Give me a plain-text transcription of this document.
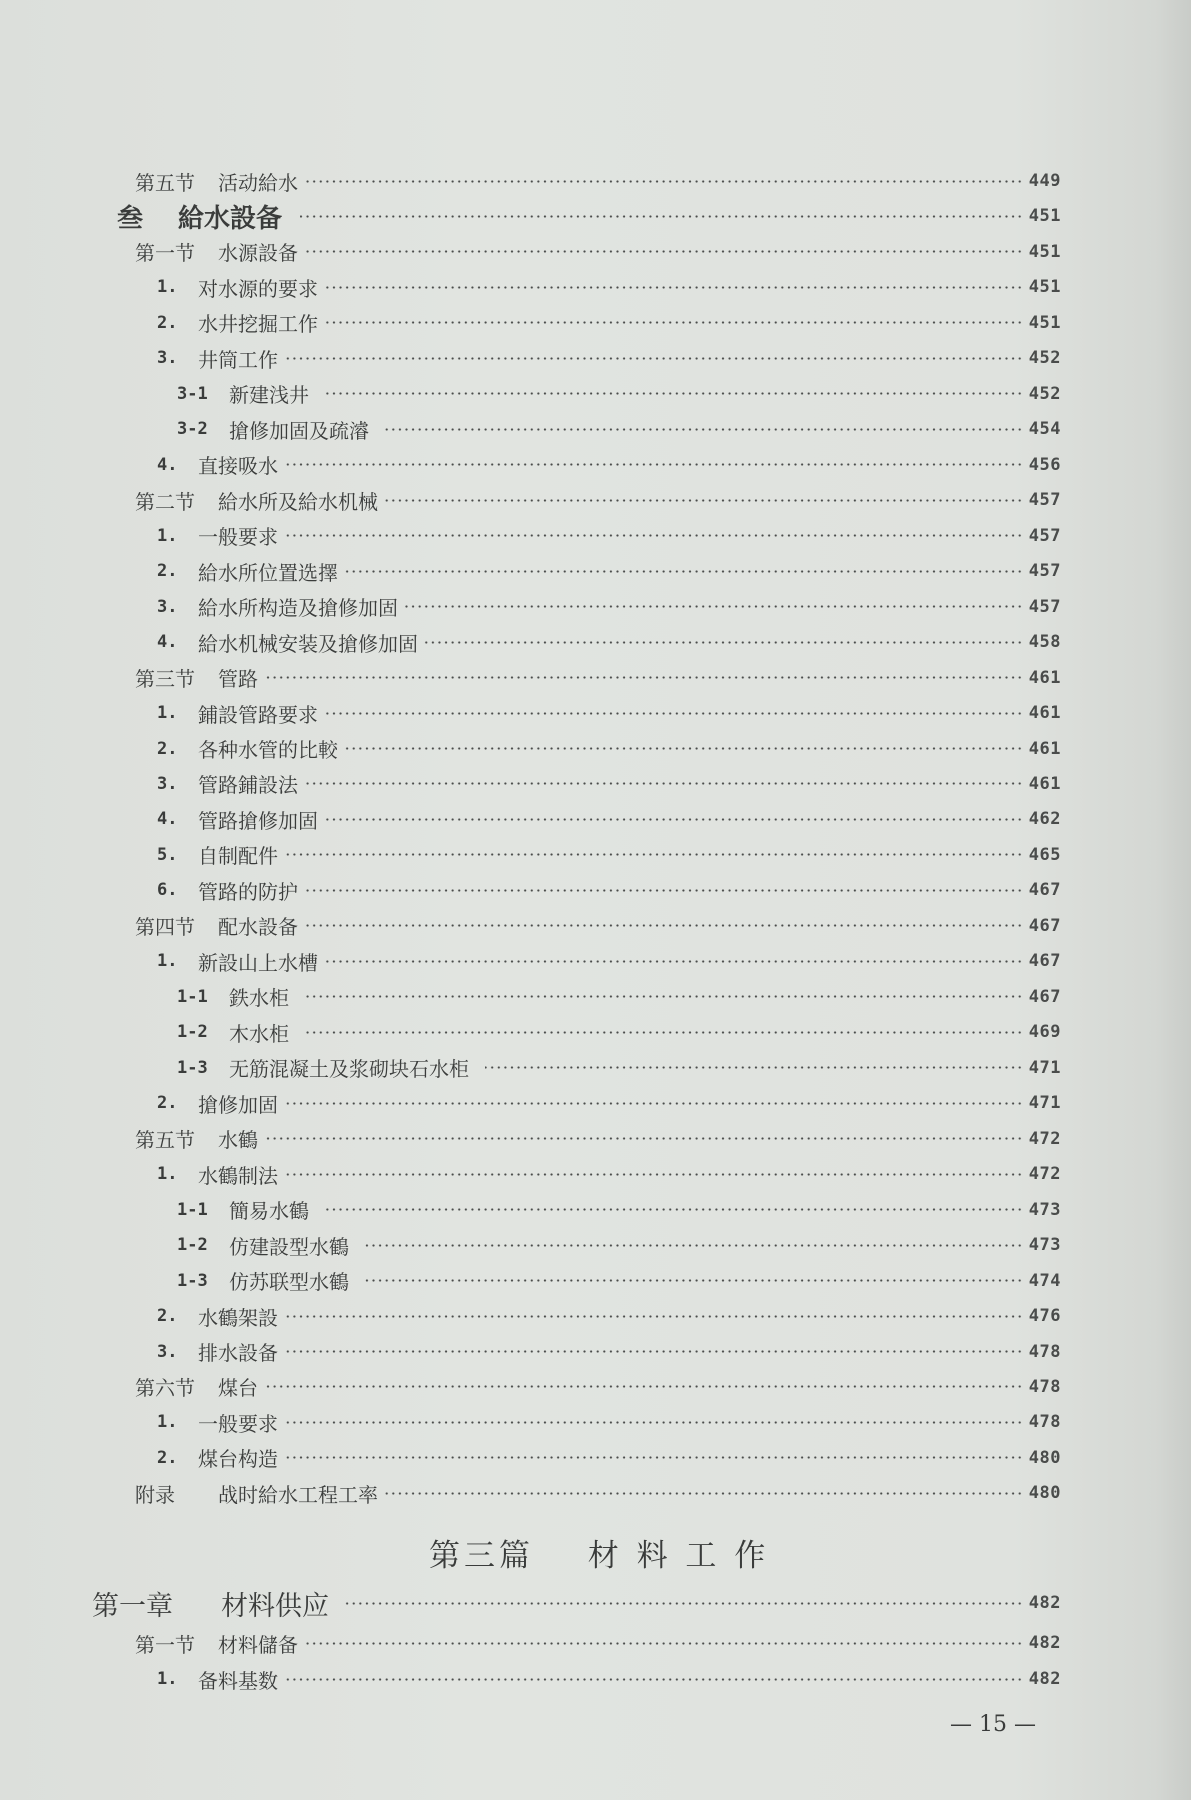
第五节 活动給水	449
叁 給水設备	451
第一节 水源設备	451
1. 对水源的要求	451
2. 水井挖掘工作	451
3. 井筒工作	452
3-1 新建浅井	452
3-2 搶修加固及疏濬	454
4. 直接吸水	456
第二节 給水所及給水机械	457
1. 一般要求	457
2. 給水所位置选擇	457
3. 給水所构造及搶修加固	457
4. 給水机械安装及搶修加固	458
第三节 管路	461
1. 鋪設管路要求	461
2. 各种水管的比較	461
3. 管路鋪設法	461
4. 管路搶修加固	462
5. 自制配件	465
6. 管路的防护	467
第四节 配水設备	467
1. 新設山上水槽	467
1-1 鉄水柜	467
1-2 木水柜	469
1-3 无筋混凝土及浆砌块石水柜	471
2. 搶修加固	471
第五节 水鶴	472
1. 水鶴制法	472
1-1 簡易水鶴	473
1-2 仿建設型水鶴	473
1-3 仿苏联型水鶴	474
2. 水鶴架設	476
3. 排水設备	478
第六节 煤台	478
1. 一般要求	478
2. 煤台构造	480
附录 战时給水工程工率	480
第三篇 材 料 工 作
第一章 材料供应	482
第一节 材料儲备	482
1. 备料基数	482
— 15 —
